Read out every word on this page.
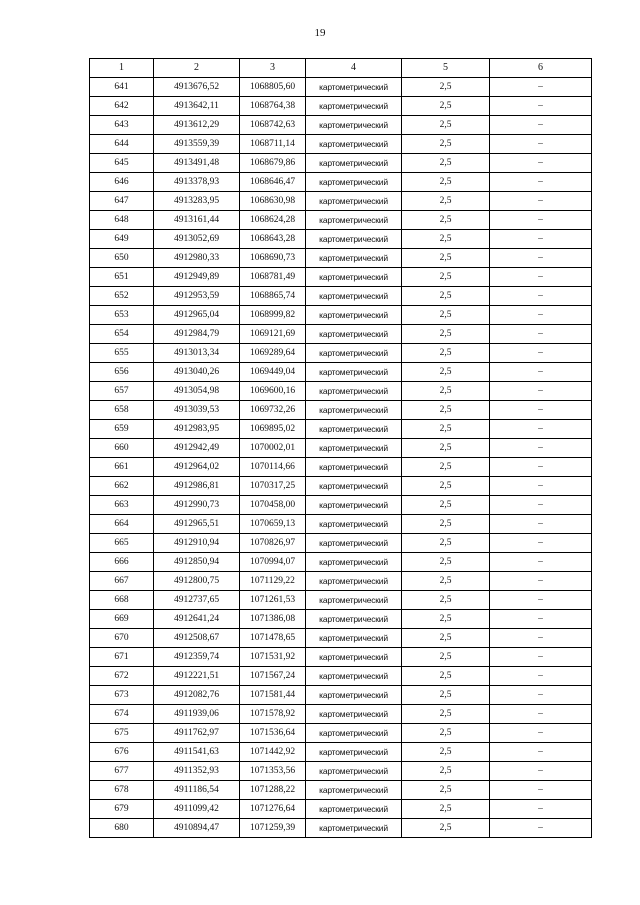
19
1	2	3	4	5	6
641	4913676,52	1068805,60	картометрический	2,5	–
642	4913642,11	1068764,38	картометрический	2,5	–
643	4913612,29	1068742,63	картометрический	2,5	–
644	4913559,39	1068711,14	картометрический	2,5	–
645	4913491,48	1068679,86	картометрический	2,5	–
646	4913378,93	1068646,47	картометрический	2,5	–
647	4913283,95	1068630,98	картометрический	2,5	–
648	4913161,44	1068624,28	картометрический	2,5	–
649	4913052,69	1068643,28	картометрический	2,5	–
650	4912980,33	1068690,73	картометрический	2,5	–
651	4912949,89	1068781,49	картометрический	2,5	–
652	4912953,59	1068865,74	картометрический	2,5	–
653	4912965,04	1068999,82	картометрический	2,5	–
654	4912984,79	1069121,69	картометрический	2,5	–
655	4913013,34	1069289,64	картометрический	2,5	–
656	4913040,26	1069449,04	картометрический	2,5	–
657	4913054,98	1069600,16	картометрический	2,5	–
658	4913039,53	1069732,26	картометрический	2,5	–
659	4912983,95	1069895,02	картометрический	2,5	–
660	4912942,49	1070002,01	картометрический	2,5	–
661	4912964,02	1070114,66	картометрический	2,5	–
662	4912986,81	1070317,25	картометрический	2,5	–
663	4912990,73	1070458,00	картометрический	2,5	–
664	4912965,51	1070659,13	картометрический	2,5	–
665	4912910,94	1070826,97	картометрический	2,5	–
666	4912850,94	1070994,07	картометрический	2,5	–
667	4912800,75	1071129,22	картометрический	2,5	–
668	4912737,65	1071261,53	картометрический	2,5	–
669	4912641,24	1071386,08	картометрический	2,5	–
670	4912508,67	1071478,65	картометрический	2,5	–
671	4912359,74	1071531,92	картометрический	2,5	–
672	4912221,51	1071567,24	картометрический	2,5	–
673	4912082,76	1071581,44	картометрический	2,5	–
674	4911939,06	1071578,92	картометрический	2,5	–
675	4911762,97	1071536,64	картометрический	2,5	–
676	4911541,63	1071442,92	картометрический	2,5	–
677	4911352,93	1071353,56	картометрический	2,5	–
678	4911186,54	1071288,22	картометрический	2,5	–
679	4911099,42	1071276,64	картометрический	2,5	–
680	4910894,47	1071259,39	картометрический	2,5	–
